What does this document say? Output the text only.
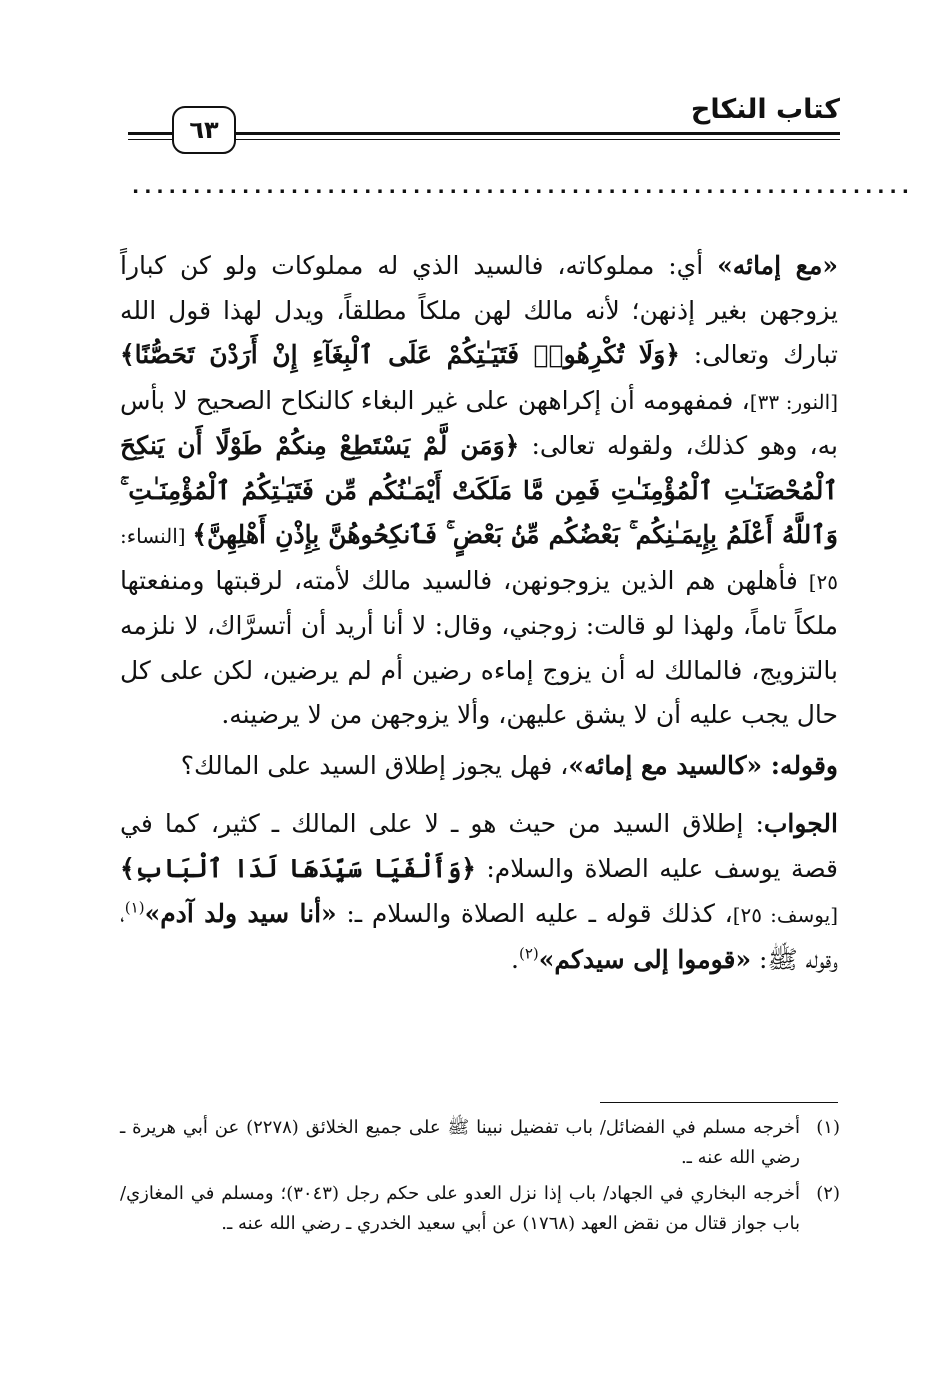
كتاب النكاح
٦٣
................................................................

«مع إمائه» أي: مملوكاته، فالسيد الذي له مملوكات ولو كن كباراً يزوجهن بغير إذنهن؛ لأنه مالك لهن ملكاً مطلقاً، ويدل لهذا قول الله تبارك وتعالى: ﴿وَلَا تُكْرِهُوا۟ فَتَيَـٰتِكُمْ عَلَى ٱلْبِغَآءِ إِنْ أَرَدْنَ تَحَصُّنًا﴾ [النور: ٣٣]، فمفهومه أن إكراههن على غير البغاء كالنكاح الصحيح لا بأس به، وهو كذلك، ولقوله تعالى: ﴿وَمَن لَّمْ يَسْتَطِعْ مِنكُمْ طَوْلًا أَن يَنكِحَ ٱلْمُحْصَنَـٰتِ ٱلْمُؤْمِنَـٰتِ فَمِن مَّا مَلَكَتْ أَيْمَـٰنُكُم مِّن فَتَيَـٰتِكُمُ ٱلْمُؤْمِنَـٰتِ ۚ وَٱللَّهُ أَعْلَمُ بِإِيمَـٰنِكُم ۚ بَعْضُكُم مِّنۢ بَعْضٍ ۚ فَٱنكِحُوهُنَّ بِإِذْنِ أَهْلِهِنَّ﴾ [النساء: ٢٥] فأهلهن هم الذين يزوجونهن، فالسيد مالك لأمته، لرقبتها ومنفعتها ملكاً تاماً، ولهذا لو قالت: زوجني، وقال: لا أنا أريد أن أتسرَّاك، لا نلزمه بالتزويج، فالمالك له أن يزوج إماءه رضين أم لم يرضين، لكن على كل حال يجب عليه أن لا يشق عليهن، وألا يزوجهن من لا يرضينه.

وقوله: «كالسيد مع إمائه»، فهل يجوز إطلاق السيد على المالك؟

الجواب: إطلاق السيد من حيث هو ـ لا على المالك ـ كثير، كما في قصة يوسف عليه الصلاة والسلام: ﴿وَأَلْفَيَا سَيِّدَهَا لَدَا ٱلْبَابِ﴾ [يوسف: ٢٥]، كذلك قوله ـ عليه الصلاة والسلام ـ: «أنا سيد ولد آدم»$^{(١)}$، وقوله ﷺ: «قوموا إلى سيدكم»$^{(٢)}$.

(١)
أخرجه مسلم في الفضائل/ باب تفضيل نبينا ﷺ على جميع الخلائق (٢٢٧٨) عن أبي هريرة ـ رضي الله عنه ـ.
(٢)
أخرجه البخاري في الجهاد/ باب إذا نزل العدو على حكم رجل (٣٠٤٣)؛ ومسلم في المغازي/ باب جواز قتال من نقض العهد (١٧٦٨) عن أبي سعيد الخدري ـ رضي الله عنه ـ.
